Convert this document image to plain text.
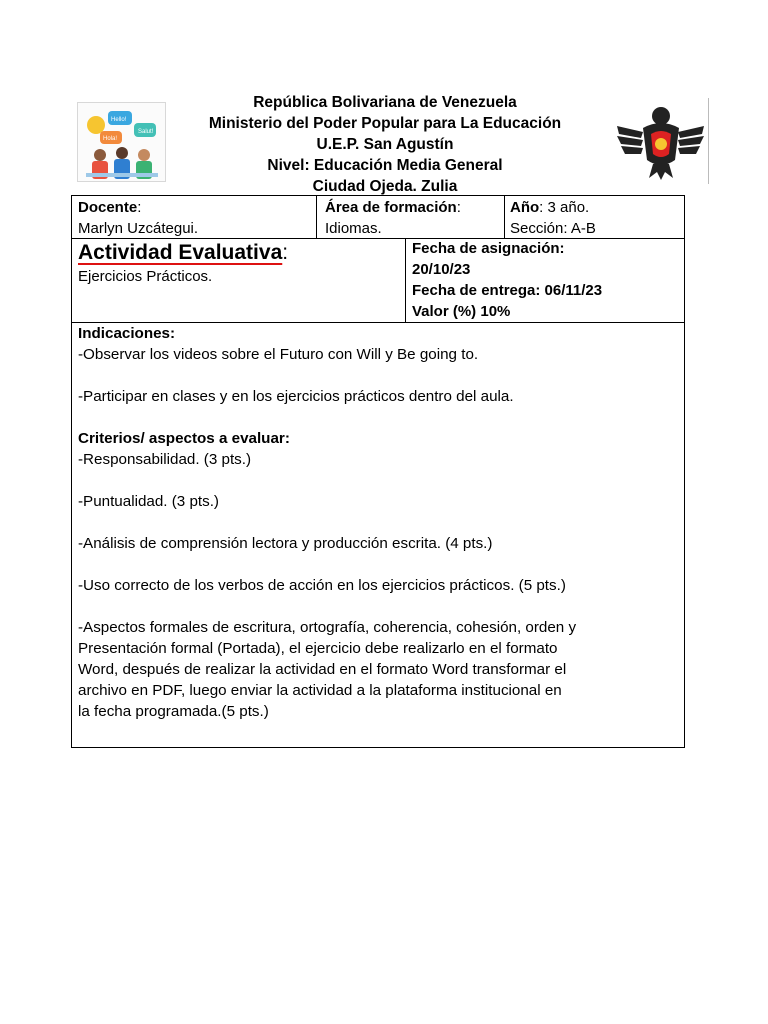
Hello!
Salut!
Hola!
República Bolivariana de Venezuela
Ministerio del Poder Popular para La Educación
U.E.P. San Agustín
Nivel: Educación Media General
Ciudad Ojeda. Zulia
Docente:
Marlyn Uzcátegui.
Área de formación:
Idiomas.
Año: 3 año.
Sección: A-B
Actividad Evaluativa:
Ejercicios Prácticos.
Fecha de asignación:
20/10/23
Fecha de entrega: 06/11/23
Valor (%) 10%

Indicaciones:

-Observar los videos sobre el Futuro con Will y Be going to.

-Participar en clases y en los ejercicios prácticos dentro del aula.

Criterios/ aspectos a evaluar:

-Responsabilidad. (3 pts.)

-Puntualidad. (3 pts.)

-Análisis de comprensión lectora y producción escrita. (4 pts.)

-Uso correcto de los verbos de acción en los ejercicios prácticos. (5 pts.)

-Aspectos formales de escritura, ortografía, coherencia, cohesión, orden y

Presentación formal (Portada), el ejercicio debe realizarlo en el formato

Word, después de realizar la actividad en el formato Word transformar el

archivo en PDF, luego enviar la actividad a la plataforma institucional en

la fecha programada.(5 pts.)
